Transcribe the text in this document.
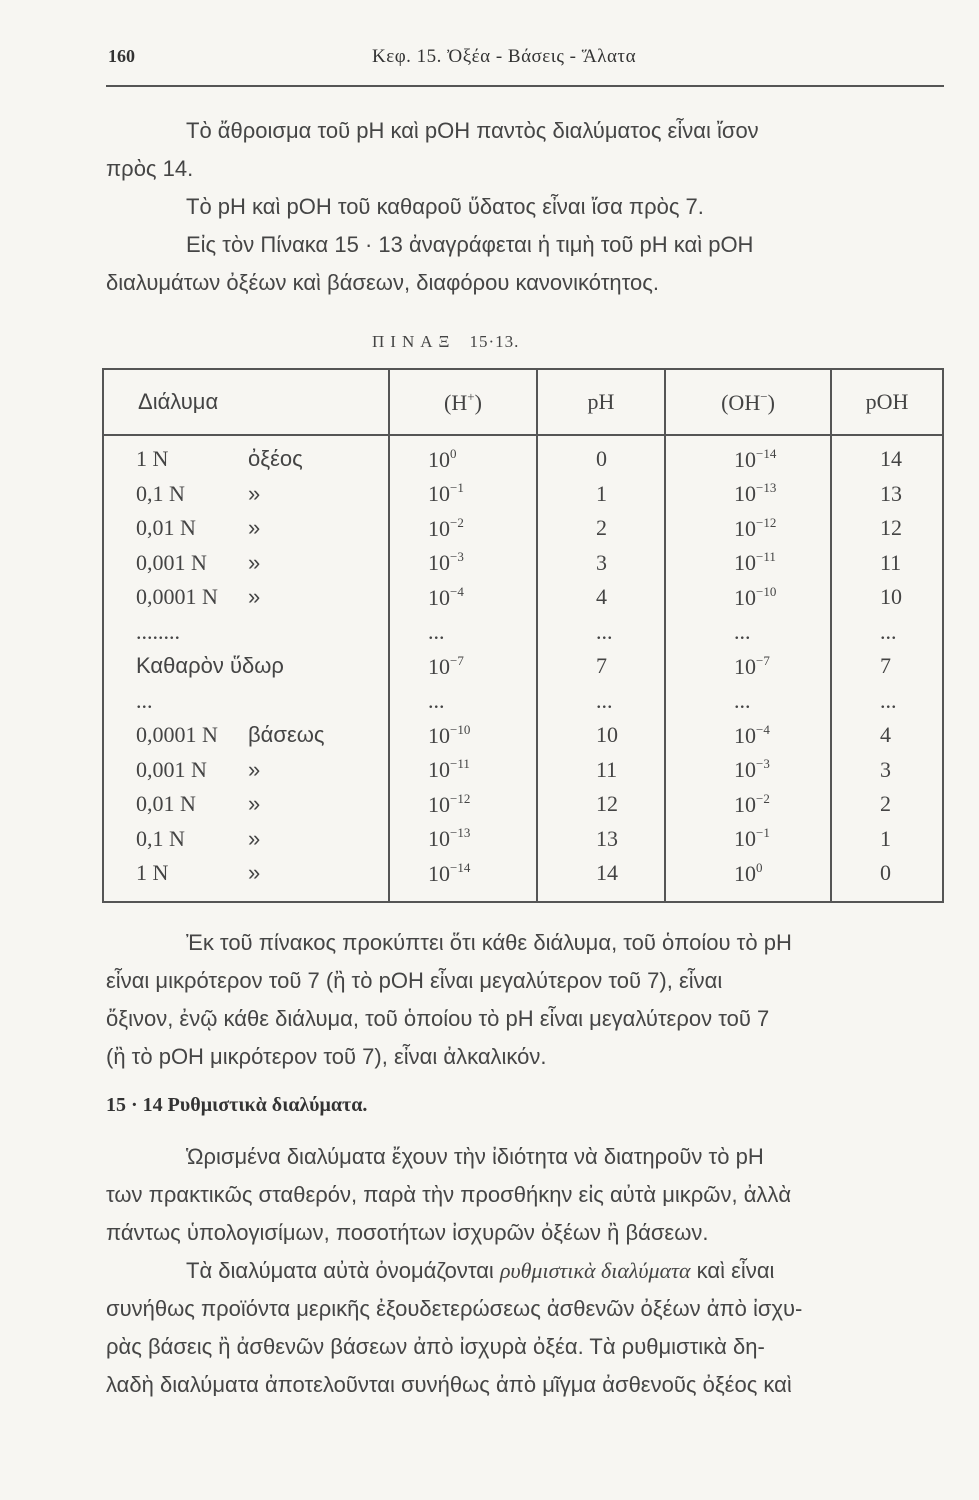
160	Κεφ. 15. Ὀξέα - Βάσεις - Ἅλατα
Τὸ ἄθροισμα τοῦ pH καὶ pOH παντὸς διαλύματος εἶναι ἴσον
πρὸς 14.
Τὸ pH καὶ pOH τοῦ καθαροῦ ὕδατος εἶναι ἴσα πρὸς 7.
Εἰς τὸν Πίνακα 15 · 13 ἀναγράφεται ἡ τιμὴ τοῦ pH καὶ pOH
διαλυμάτων ὀξέων καὶ βάσεων, διαφόρου κανονικότητος.
ΠΙΝΑΞ 15·13.
Διάλυμα	(H+)	pH	(OH−)	pOH
1 N ὀξέος	$10^0$	0	$10^{-14}$	14
0,1 N »	$10^{-1}$	1	$10^{-13}$	13
0,01 N »	$10^{-2}$	2	$10^{-12}$	12
0,001 N »	$10^{-3}$	3	$10^{-11}$	11
0,0001 N »	$10^{-4}$	4	$10^{-10}$	10
........	...	...	...	...
Καθαρὸν ὕδωρ	$10^{-7}$	7	$10^{-7}$	7
...	...	...	...	...
0,0001 N βάσεως	$10^{-10}$	10	$10^{-4}$	4
0,001 N »	$10^{-11}$	11	$10^{-3}$	3
0,01 N »	$10^{-12}$	12	$10^{-2}$	2
0,1 N »	$10^{-13}$	13	$10^{-1}$	1
1 N »	$10^{-14}$	14	$10^0$	0
Ἐκ τοῦ πίνακος προκύπτει ὅτι κάθε διάλυμα, τοῦ ὁποίου τὸ pH
εἶναι μικρότερον τοῦ 7 (ἢ τὸ pOH εἶναι μεγαλύτερον τοῦ 7), εἶναι
ὄξινον, ἐνῷ κάθε διάλυμα, τοῦ ὁποίου τὸ pH εἶναι μεγαλύτερον τοῦ 7
(ἢ τὸ pOH μικρότερον τοῦ 7), εἶναι ἀλκαλικόν.
15 · 14 Ρυθμιστικὰ διαλύματα.
Ὡρισμένα διαλύματα ἔχουν τὴν ἰδιότητα νὰ διατηροῦν τὸ pH
των πρακτικῶς σταθερόν, παρὰ τὴν προσθήκην εἰς αὐτὰ μικρῶν, ἀλλὰ
πάντως ὑπολογισίμων, ποσοτήτων ἰσχυρῶν ὀξέων ἢ βάσεων.
Τὰ διαλύματα αὐτὰ ὀνομάζονται ρυθμιστικὰ διαλύματα καὶ εἶναι
συνήθως προϊόντα μερικῆς ἐξουδετερώσεως ἀσθενῶν ὀξέων ἀπὸ ἰσχυ-
ρὰς βάσεις ἢ ἀσθενῶν βάσεων ἀπὸ ἰσχυρὰ ὀξέα. Τὰ ρυθμιστικὰ δη-
λαδὴ διαλύματα ἀποτελοῦνται συνήθως ἀπὸ μῖγμα ἀσθενοῦς ὀξέος καὶ
